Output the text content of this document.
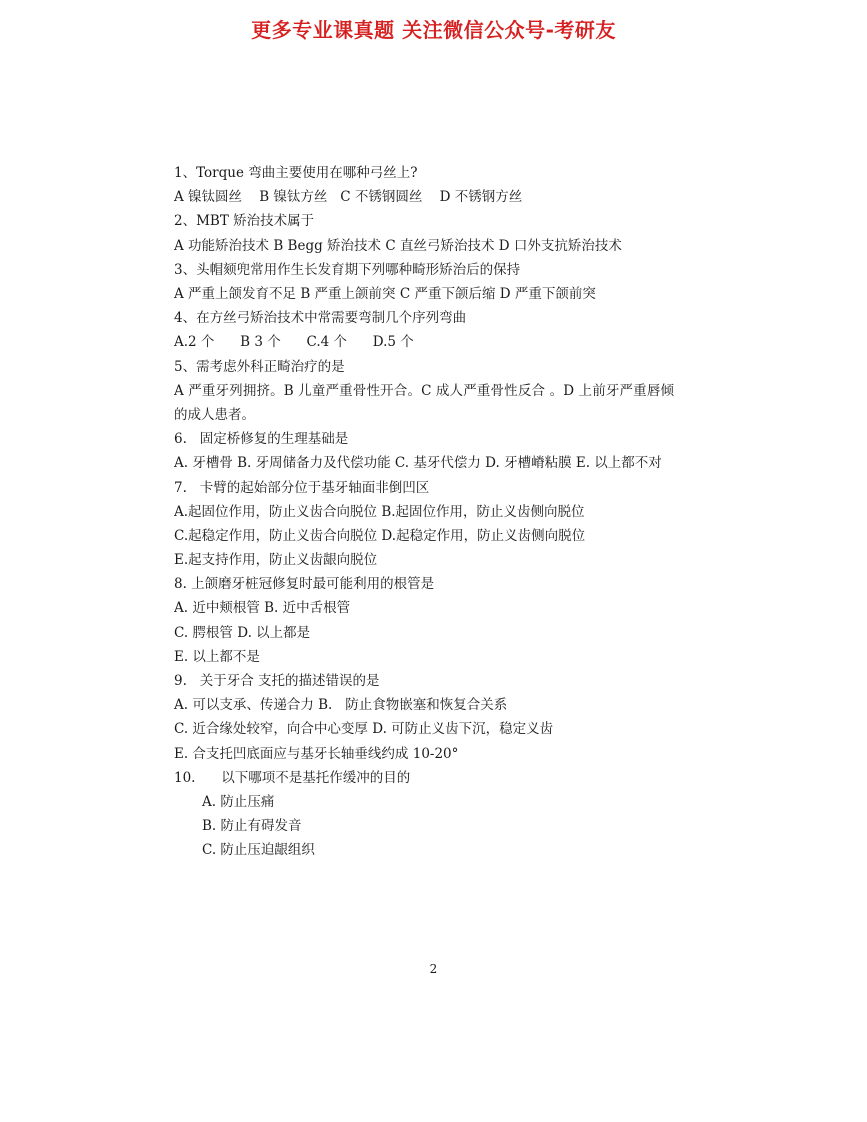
更多专业课真题 关注微信公众号-考研友
1、Torque 弯曲主要使用在哪种弓丝上?
A 镍钛圆丝    B 镍钛方丝   C 不锈钢圆丝    D 不锈钢方丝
2、MBT 矫治技术属于
A 功能矫治技术 B Begg 矫治技术 C 直丝弓矫治技术 D 口外支抗矫治技术
3、头帽颏兜常用作生长发育期下列哪种畸形矫治后的保持
A 严重上颌发育不足 B 严重上颌前突 C 严重下颌后缩 D 严重下颌前突
4、在方丝弓矫治技术中常需要弯制几个序列弯曲
A.2 个      B 3 个      C.4 个      D.5 个
5、需考虑外科正畸治疗的是
A 严重牙列拥挤。B 儿童严重骨性开合。C 成人严重骨性反合 。D 上前牙严重唇倾的成人患者。
6.   固定桥修复的生理基础是
A. 牙槽骨 B. 牙周储备力及代偿功能 C. 基牙代偿力 D. 牙槽嵴粘膜 E. 以上都不对
7.   卡臂的起始部分位于基牙轴面非倒凹区
A.起固位作用，防止义齿合向脱位 B.起固位作用，防止义齿侧向脱位
C.起稳定作用，防止义齿合向脱位 D.起稳定作用，防止义齿侧向脱位
E.起支持作用，防止义齿龈向脱位
8. 上颌磨牙桩冠修复时最可能利用的根管是
A. 近中颊根管 B. 近中舌根管
C. 腭根管 D. 以上都是
E. 以上都不是
9.   关于牙合 支托的描述错误的是
A. 可以支承、传递合力 B.   防止食物嵌塞和恢复合关系
C. 近合缘处较窄，向合中心变厚 D. 可防止义齿下沉，稳定义齿
E. 合支托凹底面应与基牙长轴垂线约成 10-20°
10.      以下哪项不是基托作缓冲的目的
A. 防止压痛
B. 防止有碍发音
C. 防止压迫龈组织
2
